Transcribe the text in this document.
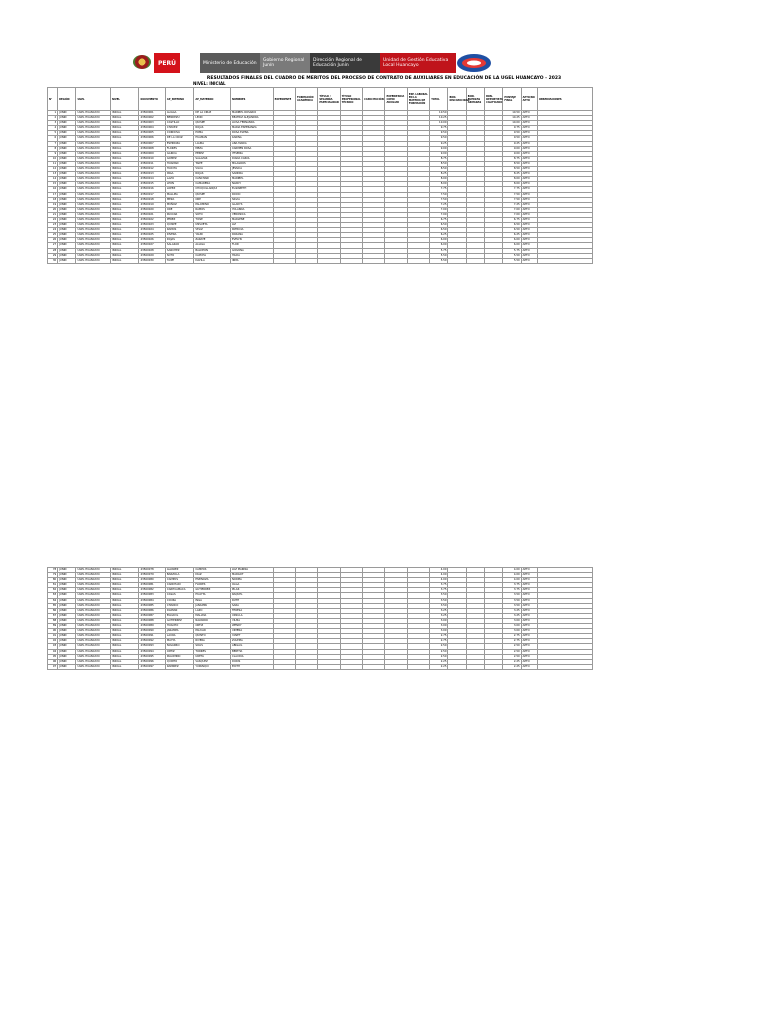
PERÚ	Ministerio de Educación	Gobierno Regional Junín
Dirección Regional de Educación Junín
Unidad de Gestión Educativa Local Huancayo
RESULTADOS FINALES DEL CUADRO DE MERITOS DEL PROCESO DE CONTRATO DE AUXILIARES EN EDUCACIÓN DE LA UGEL HUANCAYO - 2023
NIVEL: INICIAL
N°	REGIÓN	UGEL	NIVEL	DOCUMENTO	AP_PATERNO	AP_MATERNO	NOMBRES	EXPEDIENTE	FORMACIÓN ACADÉMICA	TÍTULO / SEGUNDA ESPECIALIDAD	TÍTULO PROFESIONAL TÉCNICO	CAPACITACIÓN	EXPERIENCIA COMO AUXILIAR	EXP. LABORAL EN LA MATERIA DE FORMACIÓN	TOTAL	BON. DISCAPACIDAD	BON. FUERZAS ARMADAS	BON. DEPORTISTA CALIFICADO	PUNTAJE FINAL	APTO/NO APTO	OBSERVACIONES
1	JUNIN	UGEL HUANCAYO	INICIAL	43560001	ALIAGA	DE LA CRUZ	MARIBEL ROSARIO								10.50				10.50	APTO	
2	JUNIN	UGEL HUANCAYO	INICIAL	43560002	BENDEZU	LEON	BEATRIZ ALEJANDRA								10.25				10.25	APTO	
3	JUNIN	UGEL HUANCAYO	INICIAL	43560003	CASTILLO	QUISPE	LUISA FERNANDA								10.00				10.00	APTO	
4	JUNIN	UGEL HUANCAYO	INICIAL	43560004	CHAVEZ	ROJAS	MARIA ESPERANZA								9.75				9.75	APTO	
5	JUNIN	UGEL HUANCAYO	INICIAL	43560005	CORDOVA	POMA	ROSA ELENA								9.50				9.50	APTO	
6	JUNIN	UGEL HUANCAYO	INICIAL	43560006	DE LA CRUZ	HUAMAN	KARINA								9.50				9.50	APTO	
7	JUNIN	UGEL HUANCAYO	INICIAL	43560007	ESPINOZA	LAURA	ANA MARIA								9.25				9.25	APTO	
8	JUNIN	UGEL HUANCAYO	INICIAL	43560008	FLORES	MEZA	CARMEN ROSA								9.00				9.00	APTO	
9	JUNIN	UGEL HUANCAYO	INICIAL	43560009	GARCIA	PEREZ	YESENIA								9.00				9.00	APTO	
10	JUNIN	UGEL HUANCAYO	INICIAL	43560010	GOMEZ	SALAZAR	DIANA CAROL								8.75				8.75	APTO	
11	JUNIN	UGEL HUANCAYO	INICIAL	43560011	HUAMAN	TAIPE	MILAGROS								8.50				8.50	APTO	
12	JUNIN	UGEL HUANCAYO	INICIAL	43560012	HUAYTA	VILCA	JESSICA								8.50				8.50	APTO	
13	JUNIN	UGEL HUANCAYO	INICIAL	43560013	INGA	ROJAS	SANDRA								8.25				8.25	APTO	
14	JUNIN	UGEL HUANCAYO	INICIAL	43560014	LAZO	CANCHARI	MARIBEL								8.00				8.00	APTO	
15	JUNIN	UGEL HUANCAYO	INICIAL	43560015	LEON	CAMARENA	NANCY								8.00				8.00	APTO	
16	JUNIN	UGEL HUANCAYO	INICIAL	43560016	LOPEZ	CHUQUILLANQUI	ELIZABETH								7.75				7.75	APTO	
17	JUNIN	UGEL HUANCAYO	INICIAL	43560017	MALLMA	QUISPE	ROCIO								7.50				7.50	APTO	
18	JUNIN	UGEL HUANCAYO	INICIAL	43560018	MEZA	ORE	SILVIA								7.50				7.50	APTO	
19	JUNIN	UGEL HUANCAYO	INICIAL	43560019	MUÑOZ	PALOMINO	GLADYS								7.25				7.25	APTO	
20	JUNIN	UGEL HUANCAYO	INICIAL	43560020	ORE	RAMOS	YOLANDA								7.00				7.00	APTO	
21	JUNIN	UGEL HUANCAYO	INICIAL	43560021	PAUCAR	SOTO	VERONICA								7.00				7.00	APTO	
22	JUNIN	UGEL HUANCAYO	INICIAL	43560022	PEREZ	TICSE	MARLENE								6.75				6.75	APTO	
23	JUNIN	UGEL HUANCAYO	INICIAL	43560023	QUISPE	UNSUETA	LIZ								6.50				6.50	APTO	
24	JUNIN	UGEL HUANCAYO	INICIAL	43560024	RAMOS	VELIZ	PATRICIA								6.50				6.50	APTO	
25	JUNIN	UGEL HUANCAYO	INICIAL	43560025	RIVERA	YAURI	ROXANA								6.25				6.25	APTO	
26	JUNIN	UGEL HUANCAYO	INICIAL	43560026	ROJAS	ZARATE	EVELYN								6.00				6.00	APTO	
27	JUNIN	UGEL HUANCAYO	INICIAL	43560027	SALAZAR	ALIAGA	FLOR								6.00				6.00	APTO	
28	JUNIN	UGEL HUANCAYO	INICIAL	43560028	SANCHEZ	BALDEON	GIOVANA								5.75				5.75	APTO	
29	JUNIN	UGEL HUANCAYO	INICIAL	43560029	SOTO	CAPCHA	HILDA								5.50				5.50	APTO	
30	JUNIN	UGEL HUANCAYO	INICIAL	43560030	TAIPE	DAVILA	IRMA								5.50				5.50	APTO	
78	JUNIN	UGEL HUANCAYO	INICIAL	43560078	ALVAREZ	CAMPOS	LUZ MARINA								4.00				4.00	APTO	
79	JUNIN	UGEL HUANCAYO	INICIAL	43560079	BARZOLA	DIAZ	MARGOT								4.00				4.00	APTO	
80	JUNIN	UGEL HUANCAYO	INICIAL	43560080	CAMPOS	ESPINOZA	NORMA								4.00				4.00	APTO	
81	JUNIN	UGEL HUANCAYO	INICIAL	43560081	CANCHARI	FLORES	OLGA								3.75				3.75	APTO	
82	JUNIN	UGEL HUANCAYO	INICIAL	43560082	CARHUAMACA	GUTIERREZ	PILAR								3.75				3.75	APTO	
83	JUNIN	UGEL HUANCAYO	INICIAL	43560083	CASAS	HUAYTA	RAQUEL								3.50				3.50	APTO	
84	JUNIN	UGEL HUANCAYO	INICIAL	43560084	CCORA	INGA	RUTH								3.50				3.50	APTO	
85	JUNIN	UGEL HUANCAYO	INICIAL	43560085	CHANCO	JANAMPA	SARA								3.50				3.50	APTO	
86	JUNIN	UGEL HUANCAYO	INICIAL	43560086	DAMIAN	LAZO	TERESA								3.25				3.25	APTO	
87	JUNIN	UGEL HUANCAYO	INICIAL	43560087	EGOAVIL	MALLMA	URSULA								3.25				3.25	APTO	
88	JUNIN	UGEL HUANCAYO	INICIAL	43560088	GUTIERREZ	NAVARRO	VILMA								3.00				3.00	APTO	
89	JUNIN	UGEL HUANCAYO	INICIAL	43560089	HUACHO	ORTIZ	WENDY								3.00				3.00	APTO	
90	JUNIN	UGEL HUANCAYO	INICIAL	43560090	JANAMPA	PAUCAR	XIMENA								3.00				3.00	APTO	
91	JUNIN	UGEL HUANCAYO	INICIAL	43560091	LAURA	QUINTO	YANET								2.75				2.75	APTO	
92	JUNIN	UGEL HUANCAYO	INICIAL	43560092	MAYTA	RIVERA	ZULEMA								2.75				2.75	APTO	
93	JUNIN	UGEL HUANCAYO	INICIAL	43560093	NAVARRO	SOLIS	ABIGAIL								2.50				2.50	APTO	
94	JUNIN	UGEL HUANCAYO	INICIAL	43560094	ORTIZ	TORRES	BERTHA								2.50				2.50	APTO	
95	JUNIN	UGEL HUANCAYO	INICIAL	43560095	PALOMINO	URETA	CLAUDIA								2.50				2.50	APTO	
96	JUNIN	UGEL HUANCAYO	INICIAL	43560096	QUINTO	VASQUEZ	DORIS								2.25				2.25	APTO	
97	JUNIN	UGEL HUANCAYO	INICIAL	43560097	RAMIREZ	YUPANQUI	EDITH								2.25				2.25	APTO	
